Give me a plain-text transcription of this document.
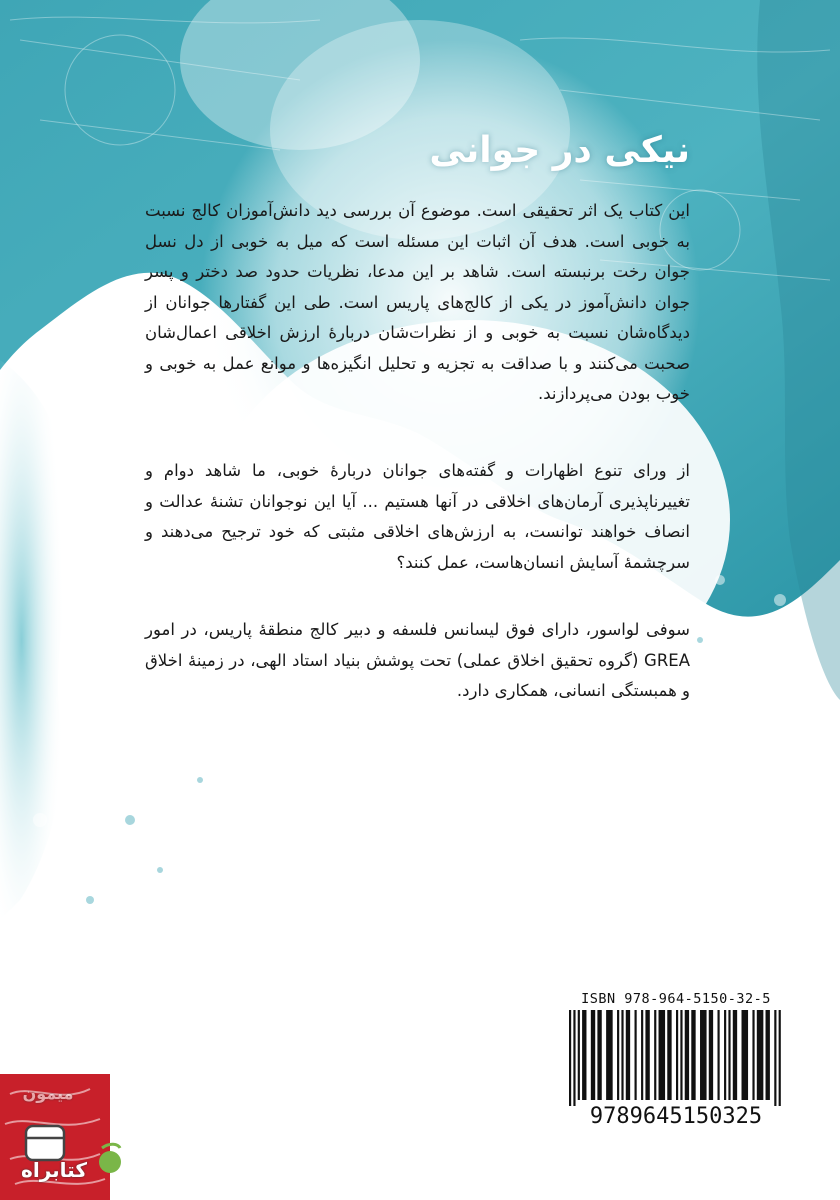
نیکی در جوانی

این کتاب یک اثر تحقیقی است. موضوع آن بررسی دید دانش‌آموزان کالج نسبت به خوبی است. هدف آن اثبات این مسئله است که میل به خوبی از دل نسل جوان رخت برنبسته است. شاهد بر این مدعا، نظریات حدود صد دختر و پسر جوان دانش‌آموز در یکی از کالج‌های پاریس است. طی این گفتارها جوانان از دیدگاه‌شان نسبت به خوبی و از نظرات‌شان دربارهٔ ارزش اخلاقی اعمال‌شان صحبت می‌کنند و با صداقت به تجزیه و تحلیل انگیزه‌ها و موانع عمل به خوبی و خوب بودن می‌پردازند.

از ورای تنوع اظهارات و گفته‌های جوانان دربارهٔ خوبی، ما شاهد دوام و تغییرناپذیری آرمان‌های اخلاقی در آنها هستیم ... آیا این نوجوانان تشنهٔ عدالت و انصاف خواهند توانست، به ارزش‌های اخلاقی مثبتی که خود ترجیح می‌دهند و سرچشمهٔ آسایش انسان‌هاست، عمل کنند؟

سوفی لواسور، دارای فوق لیسانس فلسفه و دبیر کالج منطقهٔ پاریس، در امور GREA (گروه تحقیق اخلاق عملی) تحت پوشش بنیاد استاد الهی، در زمینهٔ اخلاق و همبستگی انسانی، همکاری دارد.

ISBN 978-964-5150-32-5
9789645150325
میمون
کتابراه
